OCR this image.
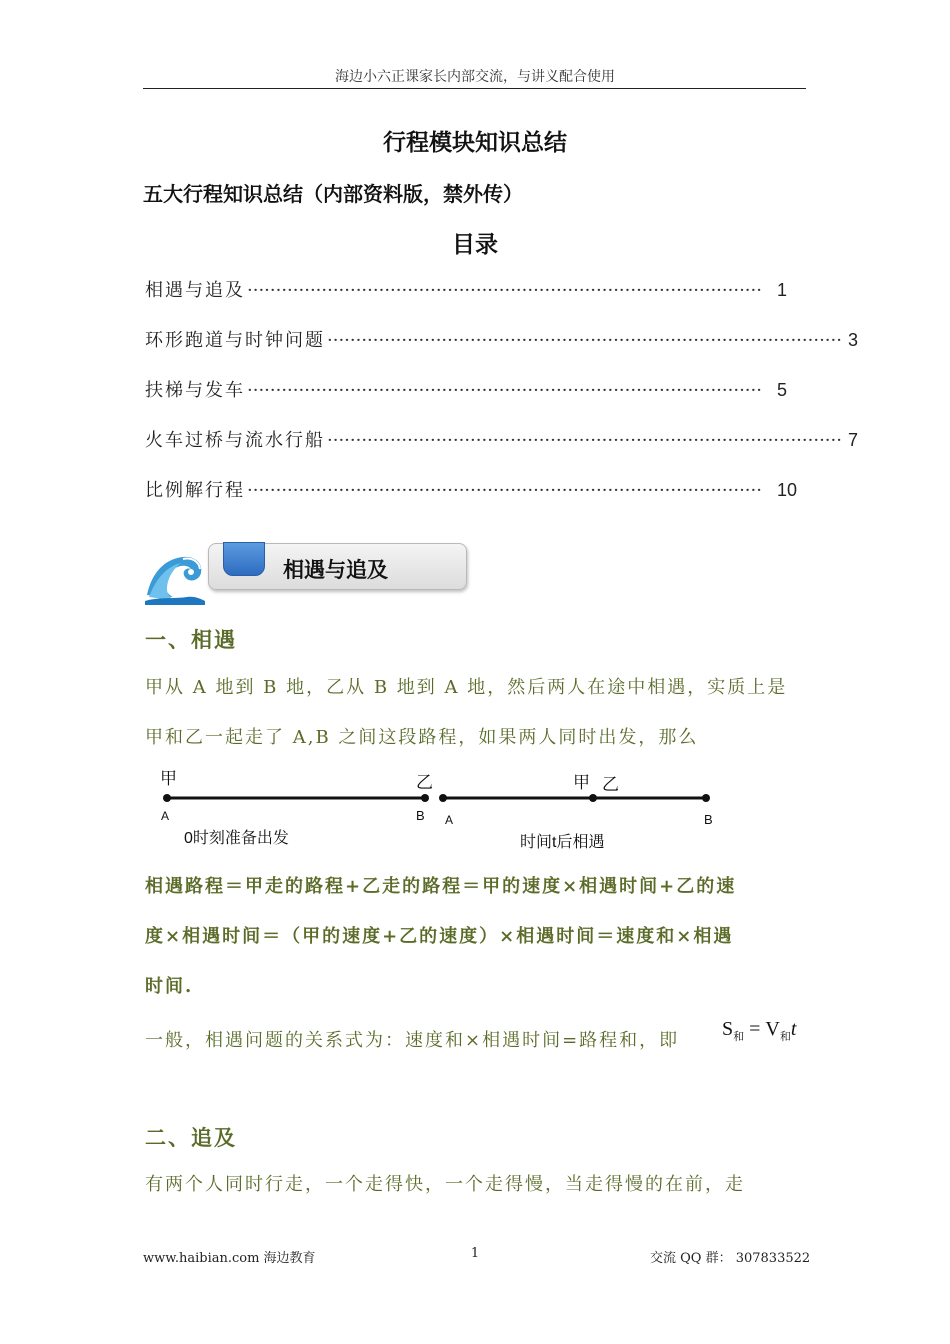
海边小六正课家长内部交流，与讲义配合使用
行程模块知识总结
五大行程知识总结（内部资料版，禁外传）
目录
相遇与追及 ·························································································· 1
环形跑道与时钟问题 ·························································································· 3
扶梯与发车 ·························································································· 5
火车过桥与流水行船 ·························································································· 7
比例解行程 ·························································································· 10
相遇与追及
一、相遇
甲从 A 地到 B 地，乙从 B 地到 A 地，然后两人在途中相遇，实质上是
甲和乙一起走了 A,B 之间这段路程，如果两人同时出发，那么
甲	乙
A	B
0时刻准备出发
甲 乙
A	B
时间t后相遇
相遇路程＝甲走的路程+乙走的路程＝甲的速度×相遇时间+乙的速
度×相遇时间＝（甲的速度+乙的速度）×相遇时间＝速度和×相遇
时间.
一般，相遇问题的关系式为：速度和×相遇时间=路程和，即
$S_和 = V_和t$
二、追及
有两个人同时行走，一个走得快，一个走得慢，当走得慢的在前，走
www.haibian.com 海边教育	1	交流 QQ 群： 307833522
